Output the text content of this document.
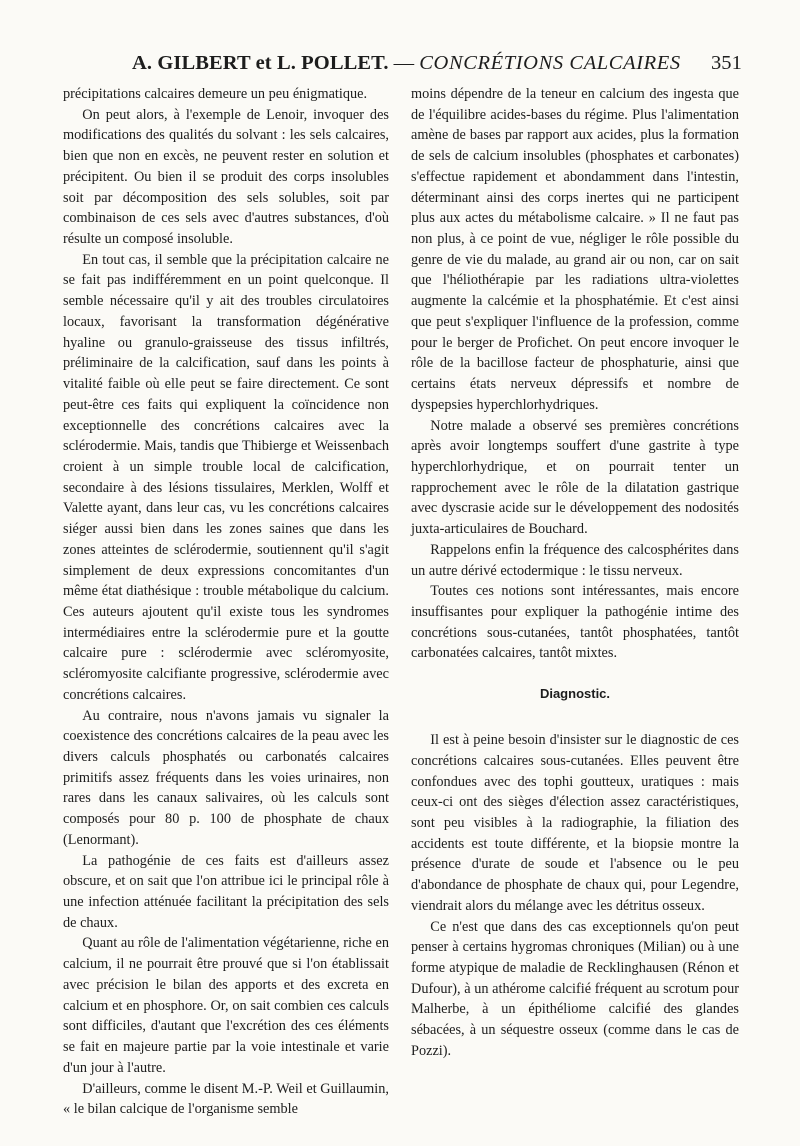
A. GILBERT et L. POLLET. — CONCRÉTIONS CALCAIRES 351

précipitations calcaires demeure un peu énigmatique.

On peut alors, à l'exemple de Lenoir, invoquer des modifications des qualités du solvant : les sels calcaires, bien que non en excès, ne peuvent rester en solution et précipitent. Ou bien il se produit des corps insolubles soit par décomposition des sels solubles, soit par combinaison de ces sels avec d'autres substances, d'où résulte un composé insoluble.

En tout cas, il semble que la précipitation calcaire ne se fait pas indifféremment en un point quelconque. Il semble nécessaire qu'il y ait des troubles circulatoires locaux, favorisant la transformation dégénérative hyaline ou granulo-graisseuse des tissus infiltrés, préliminaire de la calcification, sauf dans les points à vitalité faible où elle peut se faire directement. Ce sont peut-être ces faits qui expliquent la coïncidence non exceptionnelle des concrétions calcaires avec la sclérodermie. Mais, tandis que Thibierge et Weissenbach croient à un simple trouble local de calcification, secondaire à des lésions tissulaires, Merklen, Wolff et Valette ayant, dans leur cas, vu les concrétions calcaires siéger aussi bien dans les zones saines que dans les zones atteintes de sclérodermie, soutiennent qu'il s'agit simplement de deux expressions concomitantes d'un même état diathésique : trouble métabolique du calcium. Ces auteurs ajoutent qu'il existe tous les syndromes intermédiaires entre la sclérodermie pure et la goutte calcaire pure : sclérodermie avec scléromyosite, scléromyosite calcifiante progressive, sclérodermie avec concrétions calcaires.

Au contraire, nous n'avons jamais vu signaler la coexistence des concrétions calcaires de la peau avec les divers calculs phosphatés ou carbonatés calcaires primitifs assez fréquents dans les voies urinaires, non rares dans les canaux salivaires, où les calculs sont composés pour 80 p. 100 de phosphate de chaux (Lenormant).

La pathogénie de ces faits est d'ailleurs assez obscure, et on sait que l'on attribue ici le principal rôle à une infection atténuée facilitant la précipitation des sels de chaux.

Quant au rôle de l'alimentation végétarienne, riche en calcium, il ne pourrait être prouvé que si l'on établissait avec précision le bilan des apports et des excreta en calcium et en phosphore. Or, on sait combien ces calculs sont difficiles, d'autant que l'excrétion des ces éléments se fait en majeure partie par la voie intestinale et varie d'un jour à l'autre.

D'ailleurs, comme le disent M.-P. Weil et Guillaumin, « le bilan calcique de l'organisme semble

moins dépendre de la teneur en calcium des ingesta que de l'équilibre acides-bases du régime. Plus l'alimentation amène de bases par rapport aux acides, plus la formation de sels de calcium insolubles (phosphates et carbonates) s'effectue rapidement et abondamment dans l'intestin, déterminant ainsi des corps inertes qui ne participent plus aux actes du métabolisme calcaire. » Il ne faut pas non plus, à ce point de vue, négliger le rôle possible du genre de vie du malade, au grand air ou non, car on sait que l'héliothérapie par les radiations ultra-violettes augmente la calcémie et la phosphatémie. Et c'est ainsi que peut s'expliquer l'influence de la profession, comme pour le berger de Profichet. On peut encore invoquer le rôle de la bacillose facteur de phosphaturie, ainsi que certains états nerveux dépressifs et nombre de dyspepsies hyperchlorhydriques.

Notre malade a observé ses premières concrétions après avoir longtemps souffert d'une gastrite à type hyperchlorhydrique, et on pourrait tenter un rapprochement avec le rôle de la dilatation gastrique avec dyscrasie acide sur le développement des nodosités juxta-articulaires de Bouchard.

Rappelons enfin la fréquence des calcosphérites dans un autre dérivé ectodermique : le tissu nerveux.

Toutes ces notions sont intéressantes, mais encore insuffisantes pour expliquer la pathogénie intime des concrétions sous-cutanées, tantôt phosphatées, tantôt carbonatées calcaires, tantôt mixtes.

Diagnostic.

Il est à peine besoin d'insister sur le diagnostic de ces concrétions calcaires sous-cutanées. Elles peuvent être confondues avec des tophi goutteux, uratiques : mais ceux-ci ont des sièges d'élection assez caractéristiques, sont peu visibles à la radiographie, la filiation des accidents est toute différente, et la biopsie montre la présence d'urate de soude et l'absence ou le peu d'abondance de phosphate de chaux qui, pour Legendre, viendrait alors du mélange avec les détritus osseux.

Ce n'est que dans des cas exceptionnels qu'on peut penser à certains hygromas chroniques (Milian) ou à une forme atypique de maladie de Recklinghausen (Rénon et Dufour), à un athérome calcifié fréquent au scrotum pour Malherbe, à un épithéliome calcifié des glandes sébacées, à un séquestre osseux (comme dans le cas de Pozzi).
